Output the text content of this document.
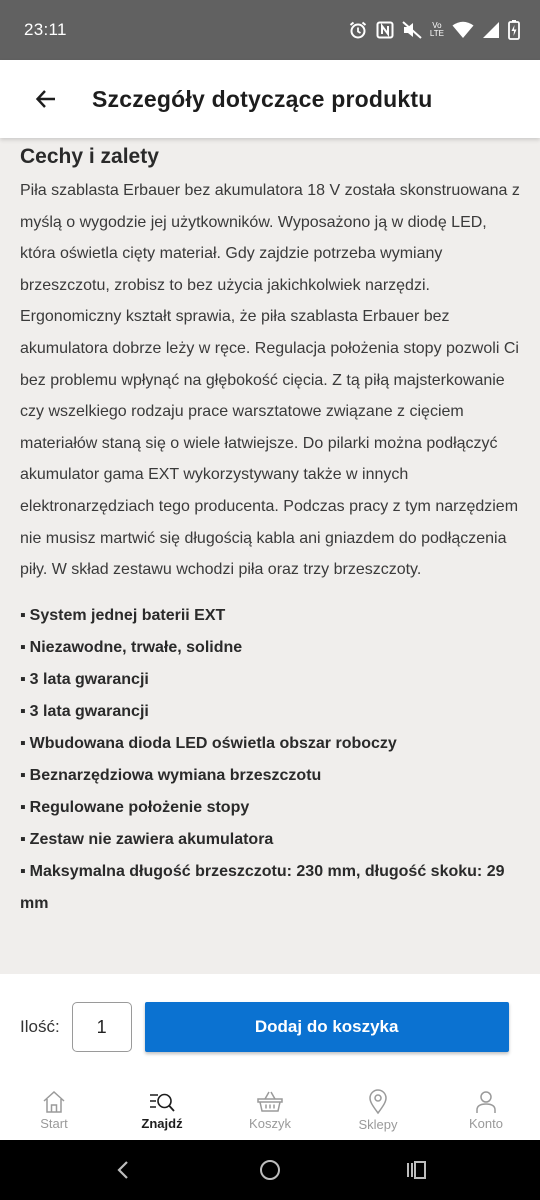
23:11	Vo
LTE
Szczegóły dotyczące produktu
Cechy i zalety

Piła szablasta Erbauer bez akumulatora 18 V została skonstruowana z myślą o wygodzie jej użytkowników. Wyposażono ją w diodę LED, która oświetla cięty materiał. Gdy zajdzie potrzeba wymiany brzeszczotu, zrobisz to bez użycia jakichkolwiek narzędzi. Ergonomiczny kształt sprawia, że piła szablasta Erbauer bez akumulatora dobrze leży w ręce. Regulacja położenia stopy pozwoli Ci bez problemu wpłynąć na głębokość cięcia. Z tą piłą majsterkowanie czy wszelkiego rodzaju prace warsztatowe związane z cięciem materiałów staną się o wiele łatwiejsze. Do pilarki można podłączyć akumulator gama EXT wykorzystywany także w innych elektronarzędziach tego producenta. Podczas pracy z tym narzędziem nie musisz martwić się długością kabla ani gniazdem do podłączenia piły. W skład zestawu wchodzi piła oraz trzy brzeszczoty.

▪ System jednej baterii EXT
▪ Niezawodne, trwałe, solidne
▪ 3 lata gwarancji
▪ 3 lata gwarancji
▪ Wbudowana dioda LED oświetla obszar roboczy
▪ Beznarzędziowa wymiana brzeszczotu
▪ Regulowane położenie stopy
▪ Zestaw nie zawiera akumulatora
▪ Maksymalna długość brzeszczotu: 230 mm, długość skoku: 29 mm
Ilość:	1	Dodaj do koszyka
Start	Znajdź	Koszyk	Sklepy	Konto
